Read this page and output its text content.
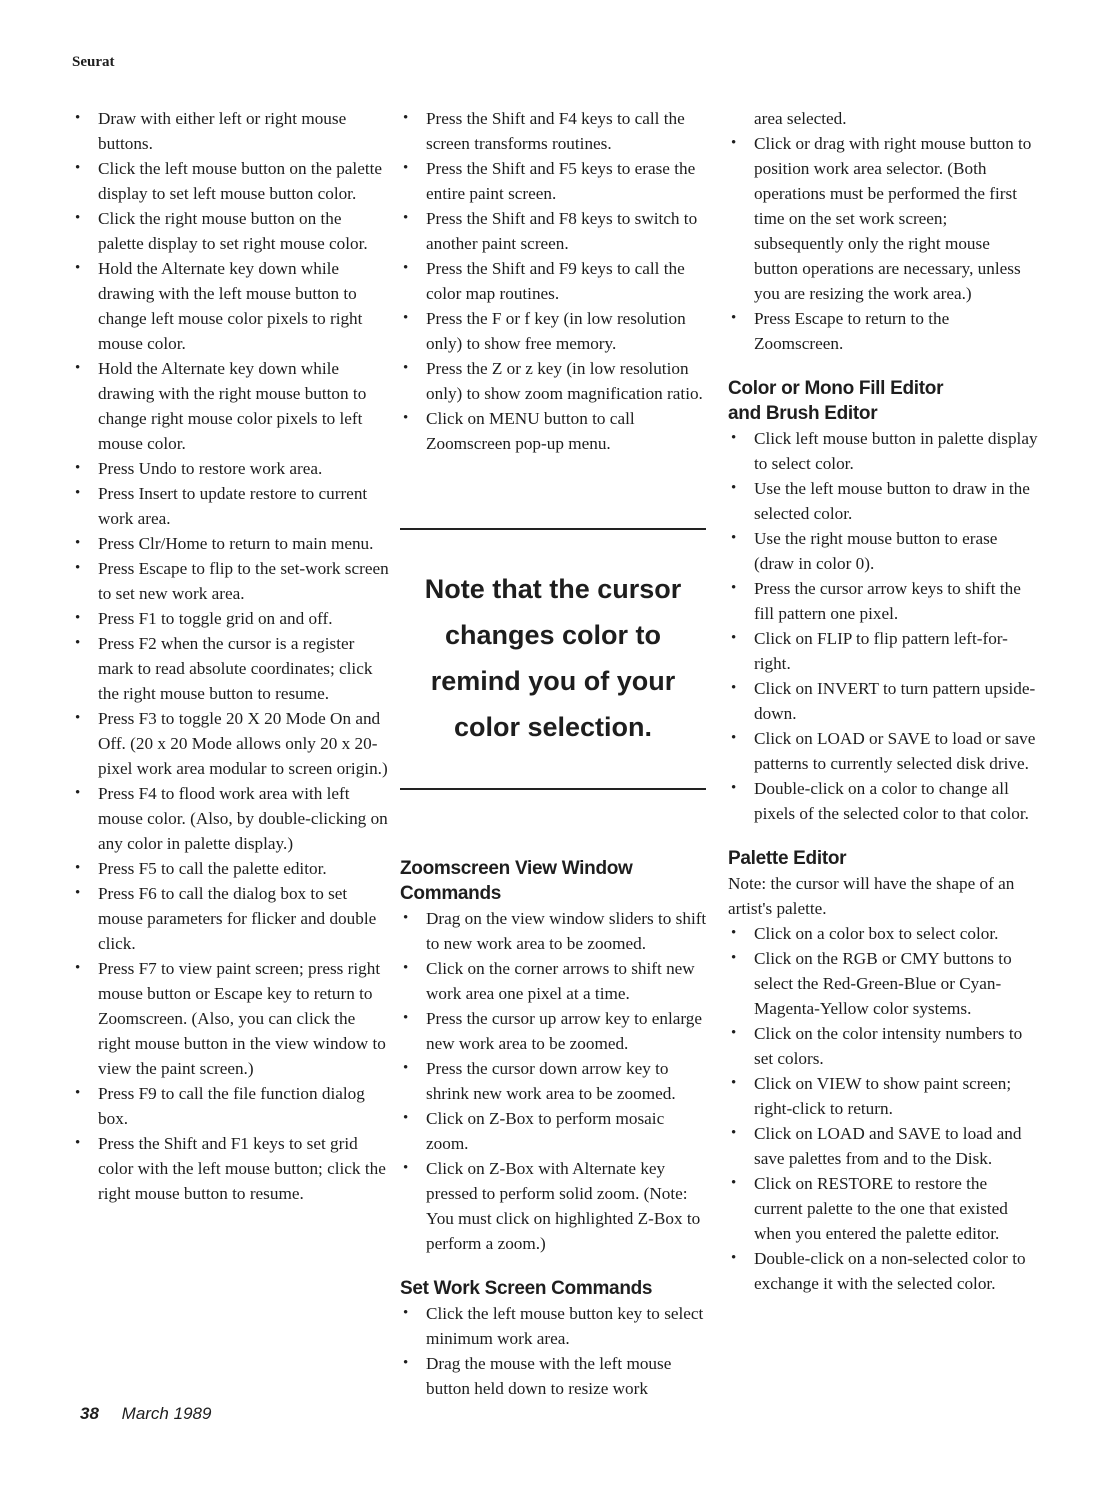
Seurat
• Draw with either left or right mouse buttons.
• Click the left mouse button on the palette display to set left mouse button color.
• Click the right mouse button on the palette display to set right mouse color.
• Hold the Alternate key down while drawing with the left mouse button to change left mouse color pixels to right mouse color.
• Hold the Alternate key down while drawing with the right mouse button to change right mouse color pixels to left mouse color.
• Press Undo to restore work area.
• Press Insert to update restore to current work area.
• Press Clr/Home to return to main menu.
• Press Escape to flip to the set-work screen to set new work area.
• Press F1 to toggle grid on and off.
• Press F2 when the cursor is a register mark to read absolute coordinates; click the right mouse button to resume.
• Press F3 to toggle 20 X 20 Mode On and Off. (20 x 20 Mode allows only 20 x 20-pixel work area modular to screen origin.)
• Press F4 to flood work area with left mouse color. (Also, by double-clicking on any color in palette display.)
• Press F5 to call the palette editor.
• Press F6 to call the dialog box to set mouse parameters for flicker and double click.
• Press F7 to view paint screen; press right mouse button or Escape key to return to Zoomscreen. (Also, you can click the right mouse button in the view window to view the paint screen.)
• Press F9 to call the file function dialog box.
• Press the Shift and F1 keys to set grid color with the left mouse button; click the right mouse button to resume.
• Press the Shift and F4 keys to call the screen transforms routines.
• Press the Shift and F5 keys to erase the entire paint screen.
• Press the Shift and F8 keys to switch to another paint screen.
• Press the Shift and F9 keys to call the color map routines.
• Press the F or f key (in low resolution only) to show free memory.
• Press the Z or z key (in low resolution only) to show zoom magnification ratio.
• Click on MENU button to call Zoomscreen pop-up menu.
Note that the cursor changes color to remind you of your color selection.

Zoomscreen View Window Commands

• Drag on the view window sliders to shift to new work area to be zoomed.
• Click on the corner arrows to shift new work area one pixel at a time.
• Press the cursor up arrow key to enlarge new work area to be zoomed.
• Press the cursor down arrow key to shrink new work area to be zoomed.
• Click on Z-Box to perform mosaic zoom.
• Click on Z-Box with Alternate key pressed to perform solid zoom. (Note: You must click on highlighted Z-Box to perform a zoom.)

Set Work Screen Commands

• Click the left mouse button key to select minimum work area.
• Drag the mouse with the left mouse button held down to resize work

area selected.

• Click or drag with right mouse button to position work area selector. (Both operations must be performed the first time on the set work screen; subsequently only the right mouse button operations are necessary, unless you are resizing the work area.)
• Press Escape to return to the Zoomscreen.

Color or Mono Fill Editor

and Brush Editor

• Click left mouse button in palette display to select color.
• Use the left mouse button to draw in the selected color.
• Use the right mouse button to erase (draw in color 0).
• Press the cursor arrow keys to shift the fill pattern one pixel.
• Click on FLIP to flip pattern left-for-right.
• Click on INVERT to turn pattern upside-down.
• Click on LOAD or SAVE to load or save patterns to currently selected disk drive.
• Double-click on a color to change all pixels of the selected color to that color.

Palette Editor

Note: the cursor will have the shape of an artist's palette.

• Click on a color box to select color.
• Click on the RGB or CMY buttons to select the Red-Green-Blue or Cyan-Magenta-Yellow color systems.
• Click on the color intensity numbers to set colors.
• Click on VIEW to show paint screen; right-click to return.
• Click on LOAD and SAVE to load and save palettes from and to the Disk.
• Click on RESTORE to restore the current palette to the one that existed when you entered the palette editor.
• Double-click on a non-selected color to exchange it with the selected color.
38 March 1989
